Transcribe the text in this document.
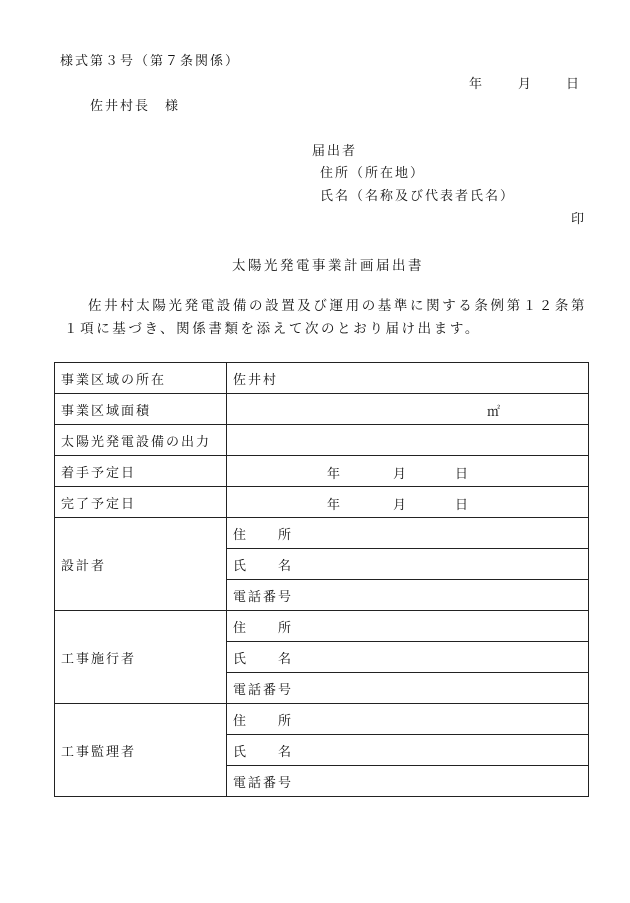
様式第３号（第７条関係）
年	月	日
佐井村長　様
届出者
住所（所在地）
氏名（名称及び代表者氏名）
印
太陽光発電事業計画届出書
佐井村太陽光発電設備の設置及び運用の基準に関する条例第１２条第
１項に基づき、関係書類を添えて次のとおり届け出ます。
事業区域の所在	佐井村
事業区域面積	㎡

太陽光発電設備の出力	
着手予定日	年 月 日

完了予定日	年 月 日

設計者	住　　所
	氏　　名
	電話番号
工事施行者	住　　所
	氏　　名
	電話番号
工事監理者	住　　所
	氏　　名
	電話番号
